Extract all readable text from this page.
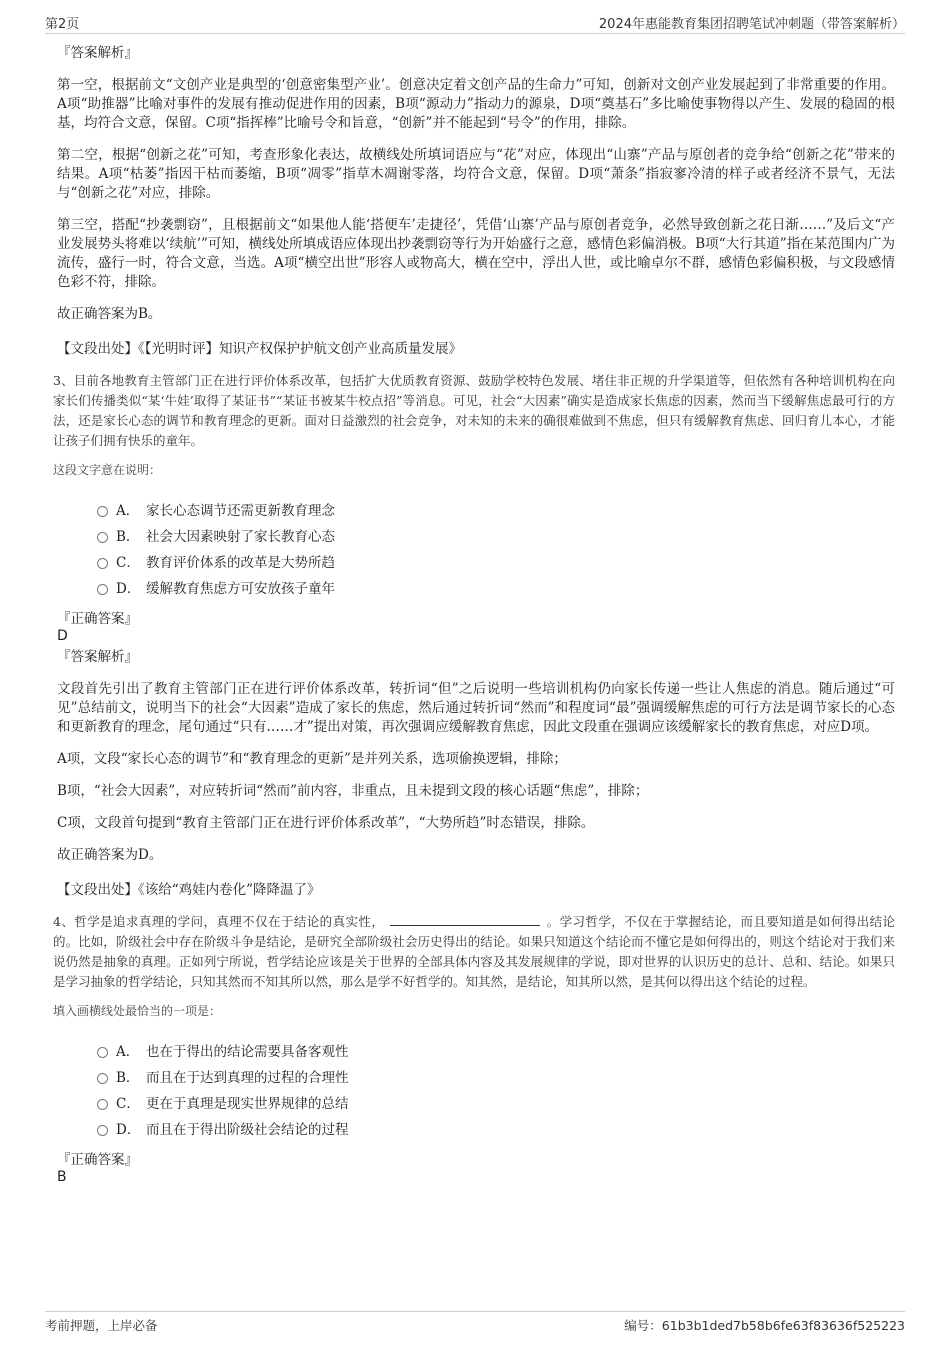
第2页	2024年惠能教育集团招聘笔试冲刺题（带答案解析）
『答案解析』

第一空，根据前文“文创产业是典型的‘创意密集型产业’。创意决定着文创产品的生命力”可知，创新对文创产业发展起到了非常重要的作用。A项“助推器”比喻对事件的发展有推动促进作用的因素，B项“源动力”指动力的源泉，D项“奠基石”多比喻使事物得以产生、发展的稳固的根基，均符合文意，保留。C项“指挥棒”比喻号令和旨意，“创新”并不能起到“号令”的作用，排除。

第二空，根据“创新之花”可知，考查形象化表达，故横线处所填词语应与“花”对应，体现出“山寨”产品与原创者的竞争给“创新之花”带来的结果。A项“枯萎”指因干枯而萎缩，B项“凋零”指草木凋谢零落，均符合文意，保留。D项“萧条”指寂寥冷清的样子或者经济不景气，无法与“创新之花”对应，排除。

第三空，搭配“抄袭剽窃”，且根据前文“如果他人能‘搭便车’走捷径’，凭借‘山寨’产品与原创者竞争，必然导致创新之花日渐……”及后文“产业发展势头将难以‘续航’”可知，横线处所填成语应体现出抄袭剽窃等行为开始盛行之意，感情色彩偏消极。B项“大行其道”指在某范围内广为流传，盛行一时，符合文意，当选。A项“横空出世”形容人或物高大，横在空中，浮出人世，或比喻卓尔不群，感情色彩偏积极，与文段感情色彩不符，排除。

故正确答案为B。

【文段出处】《【光明时评】知识产权保护护航文创产业高质量发展》

3、目前各地教育主管部门正在进行评价体系改革，包括扩大优质教育资源、鼓励学校特色发展、堵住非正规的升学渠道等，但依然有各种培训机构在向家长们传播类似“某‘牛娃’取得了某证书”“某证书被某牛校点招”等消息。可见，社会“大因素”确实是造成家长焦虑的因素，然而当下缓解焦虑最可行的方法，还是家长心态的调节和教育理念的更新。面对日益激烈的社会竞争，对未知的未来的确很难做到不焦虑，但只有缓解教育焦虑、回归育儿本心，才能让孩子们拥有快乐的童年。

这段文字意在说明：

A． 家长心态调节还需更新教育理念
B． 社会大因素映射了家长教育心态
C． 教育评价体系的改革是大势所趋
D． 缓解教育焦虑方可安放孩子童年
『正确答案』
D
『答案解析』

文段首先引出了教育主管部门正在进行评价体系改革，转折词“但”之后说明一些培训机构仍向家长传递一些让人焦虑的消息。随后通过“可见”总结前文，说明当下的社会“大因素”造成了家长的焦虑，然后通过转折词“然而”和程度词“最”强调缓解焦虑的可行方法是调节家长的心态和更新教育的理念，尾句通过“只有……才”提出对策，再次强调应缓解教育焦虑，因此文段重在强调应该缓解家长的教育焦虑，对应D项。

A项，文段“家长心态的调节”和“教育理念的更新”是并列关系，选项偷换逻辑，排除；

B项，“社会大因素”，对应转折词“然而”前内容，非重点，且未提到文段的核心话题“焦虑”，排除；

C项，文段首句提到“教育主管部门正在进行评价体系改革”，“大势所趋”时态错误，排除。

故正确答案为D。

【文段出处】《该给“鸡娃内卷化”降降温了》

4、哲学是追求真理的学问，真理不仅在于结论的真实性，	。学习哲学，不仅在于掌握结论，而且要知道是如何得出结论的。比如，阶级社会中存在阶级斗争是结论，是研究全部阶级社会历史得出的结论。如果只知道这个结论而不懂它是如何得出的，则这个结论对于我们来说仍然是抽象的真理。正如列宁所说，哲学结论应该是关于世界的全部具体内容及其发展规律的学说，即对世界的认识历史的总计、总和、结论。如果只是学习抽象的哲学结论，只知其然而不知其所以然，那么是学不好哲学的。知其然，是结论，知其所以然，是其何以得出这个结论的过程。

填入画横线处最恰当的一项是：

A． 也在于得出的结论需要具备客观性
B． 而且在于达到真理的过程的合理性
C． 更在于真理是现实世界规律的总结
D． 而且在于得出阶级社会结论的过程
『正确答案』
B
考前押题，上岸必备	编号：61b3b1ded7b58b6fe63f83636f525223
